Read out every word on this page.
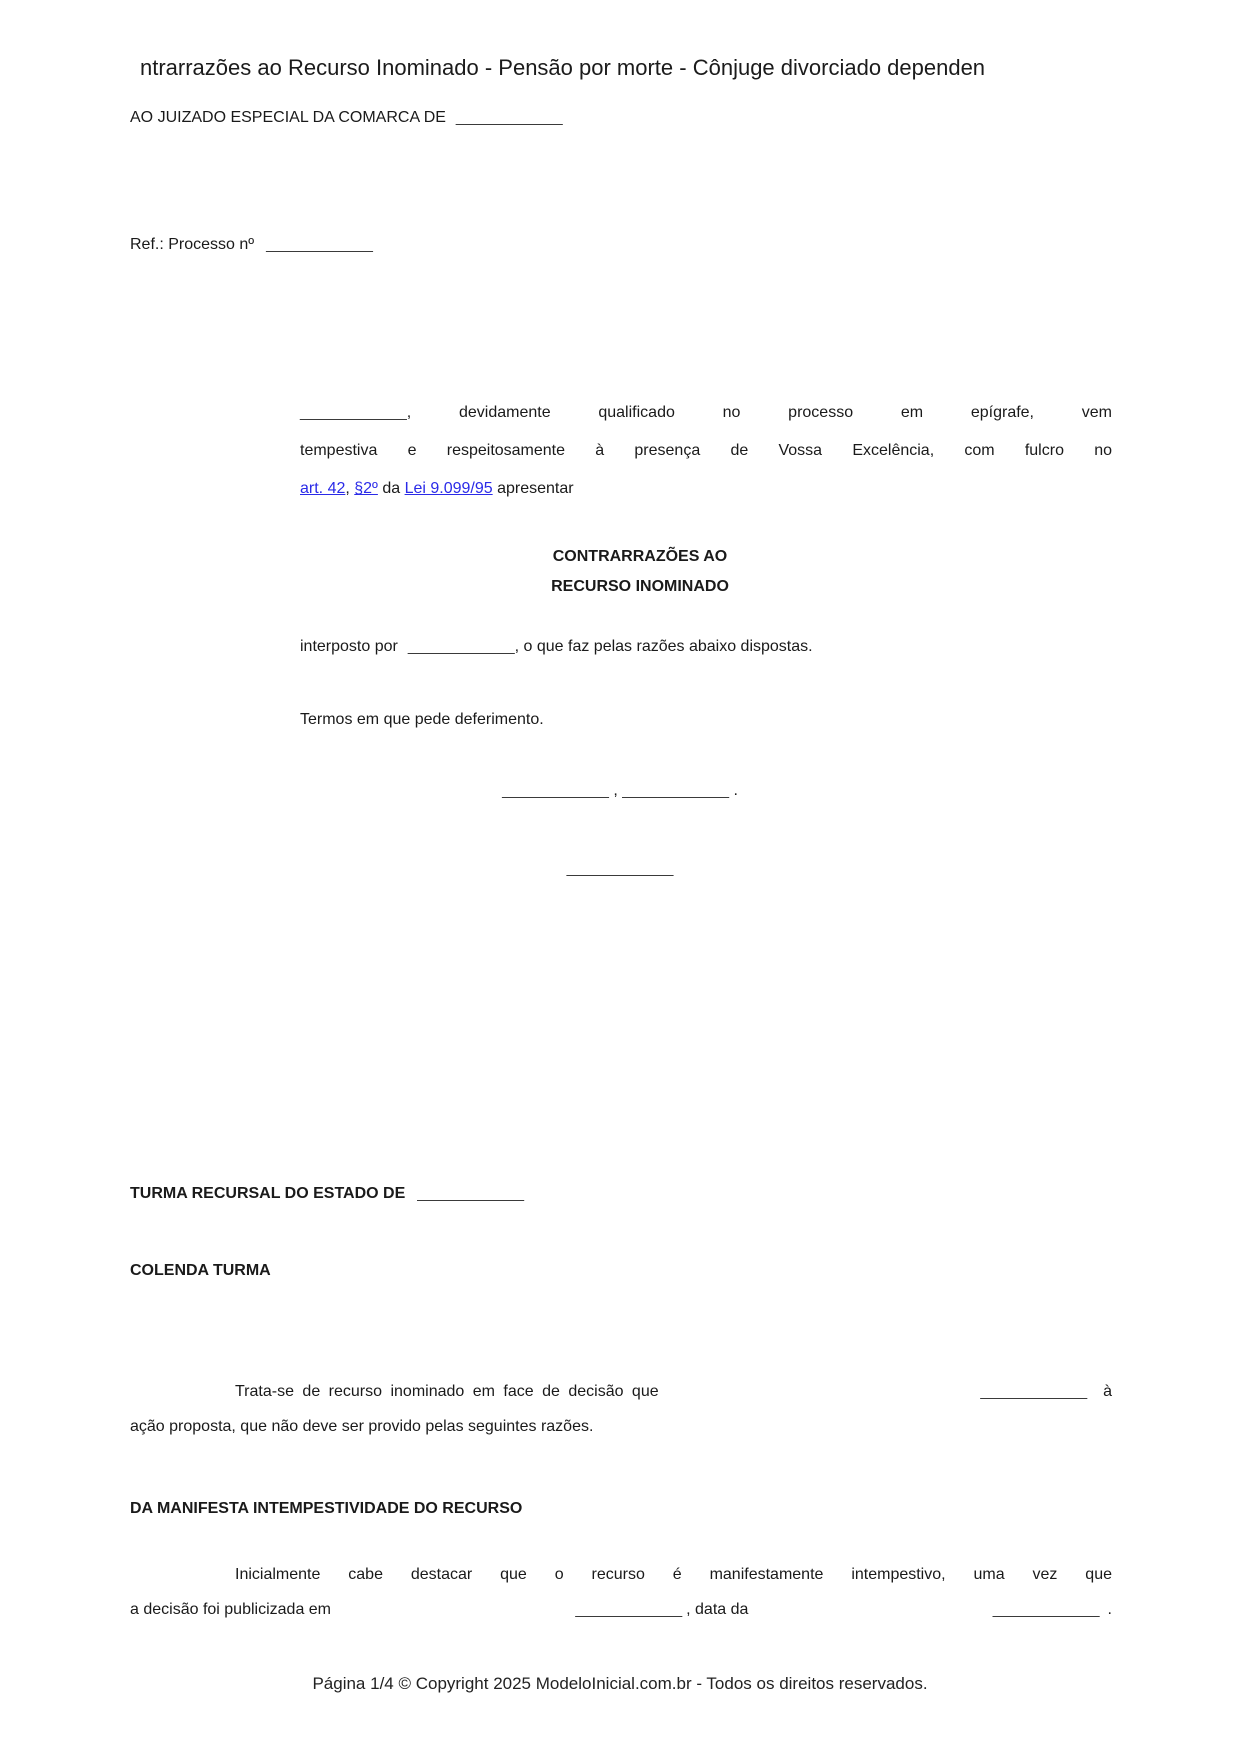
ntrarrazões ao Recurso Inominado - Pensão por morte - Cônjuge divorciado dependen
AO JUIZADO ESPECIAL DA COMARCA DE ____________
Ref.: Processo nº ____________
____________, devidamente qualificado no processo em epígrafe, vem
tempestiva e respeitosamente à presença de Vossa Excelência, com fulcro no
art. 42, §2º da Lei 9.099/95 apresentar
CONTRARRAZÕES AO
RECURSO INOMINADO
interposto por ____________, o que faz pelas razões abaixo dispostas.
Termos em que pede deferimento.
____________ , ____________ .
____________
TURMA RECURSAL DO ESTADO DE ____________
COLENDA TURMA
Trata-se de recurso inominado em face de decisão que	____________ à
ação proposta, que não deve ser provido pelas seguintes razões.
DA MANIFESTA INTEMPESTIVIDADE DO RECURSO
Inicialmente cabe destacar que o recurso é manifestamente intempestivo, uma vez que
a decisão foi publicizada em	____________ , data da	____________ .
Página 1/4 © Copyright 2025 ModeloInicial.com.br - Todos os direitos reservados.
